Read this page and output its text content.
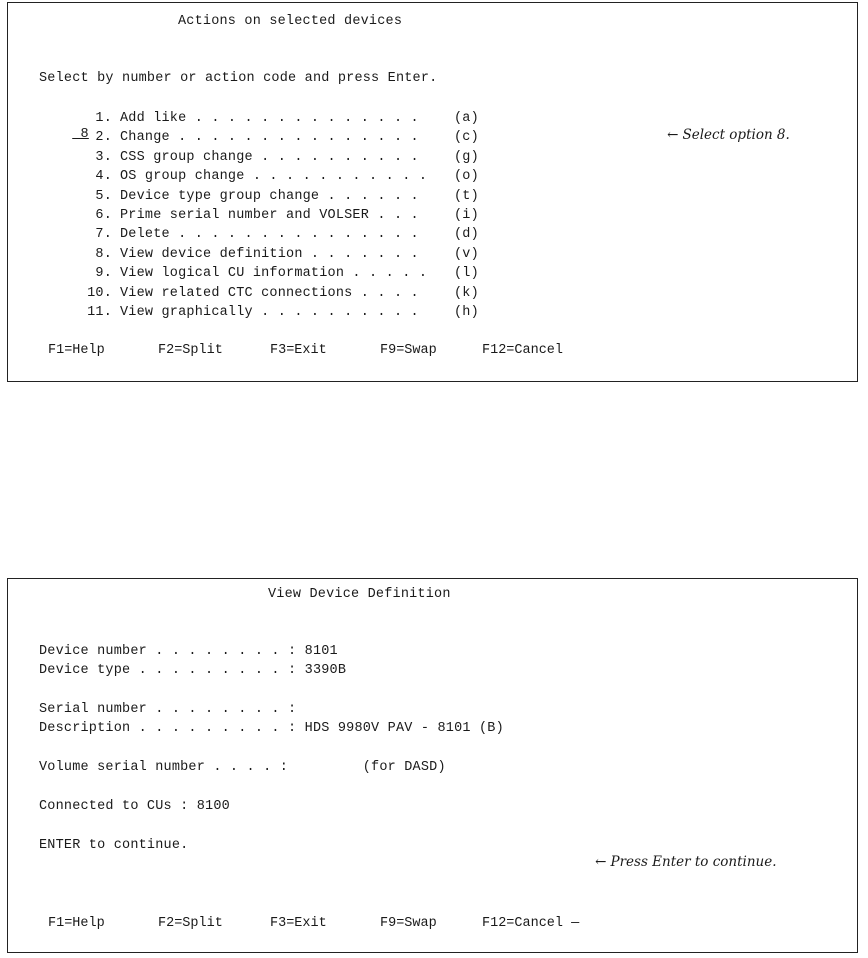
Actions on selected devices
Select by number or action code and press Enter.

8

1. Add like . . . . . . . . . . . . . .	(a)
2. Change . . . . . . . . . . . . . . .	(c)
3. CSS group change . . . . . . . . . .	(g)
4. OS group change . . . . . . . . . . . (o)
5. Device type group change . . . . . .	(t)
6. Prime serial number and VOLSER . . .	(i)
7. Delete . . . . . . . . . . . . . . .	(d)
8. View device definition . . . . . . .	(v)
9. View logical CU information . . . . . (l)
10. View related CTC connections . . . .	(k)
11. View graphically . . . . . . . . . .	(h)

← Select option 8.

F1=Help	F2=Split	F3=Exit	F9=Swap	F12=Cancel
View Device Definition
Device number . . . . . . . . : 8101
Device type . . . . . . . . . : 3390B
Serial number . . . . . . . . :
Description . . . . . . . . . : HDS 9980V PAV - 8101 (B)
Volume serial number . . . . :         (for DASD)
Connected to CUs : 8100
ENTER to continue.

← Press Enter to continue.

F1=Help	F2=Split	F3=Exit	F9=Swap	F12=Cancel —
